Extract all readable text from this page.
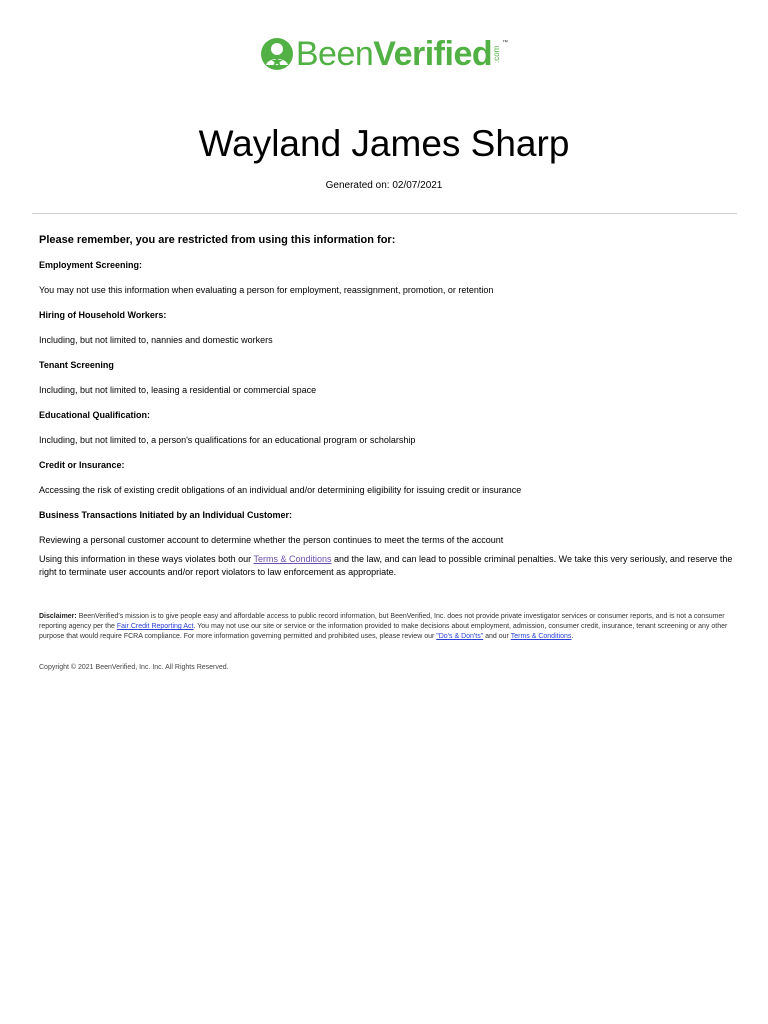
BeenVerified .com
™
Wayland James Sharp
Generated on: 02/07/2021

Please remember, you are restricted from using this information for:

Employment Screening:

You may not use this information when evaluating a person for employment, reassignment, promotion, or retention

Hiring of Household Workers:

Including, but not limited to, nannies and domestic workers

Tenant Screening

Including, but not limited to, leasing a residential or commercial space

Educational Qualification:

Including, but not limited to, a person's qualifications for an educational program or scholarship

Credit or Insurance:

Accessing the risk of existing credit obligations of an individual and/or determining eligibility for issuing credit or insurance

Business Transactions Initiated by an Individual Customer:

Reviewing a personal customer account to determine whether the person continues to meet the terms of the account

Using this information in these ways violates both our Terms & Conditions and the law, and can lead to possible criminal penalties. We take this very seriously, and reserve the right to terminate user accounts and/or report violators to law enforcement as appropriate.

Disclaimer: BeenVerified's mission is to give people easy and affordable access to public record information, but BeenVerified, Inc. does not provide private investigator services or consumer reports, and is not a consumer reporting agency per the Fair Credit Reporting Act. You may not use our site or service or the information provided to make decisions about employment, admission, consumer credit, insurance, tenant screening or any other purpose that would require FCRA compliance. For more information governing permitted and prohibited uses, please review our "Do's & Don'ts" and our Terms & Conditions.
Copyright © 2021 BeenVerified, Inc. Inc. All Rights Reserved.
